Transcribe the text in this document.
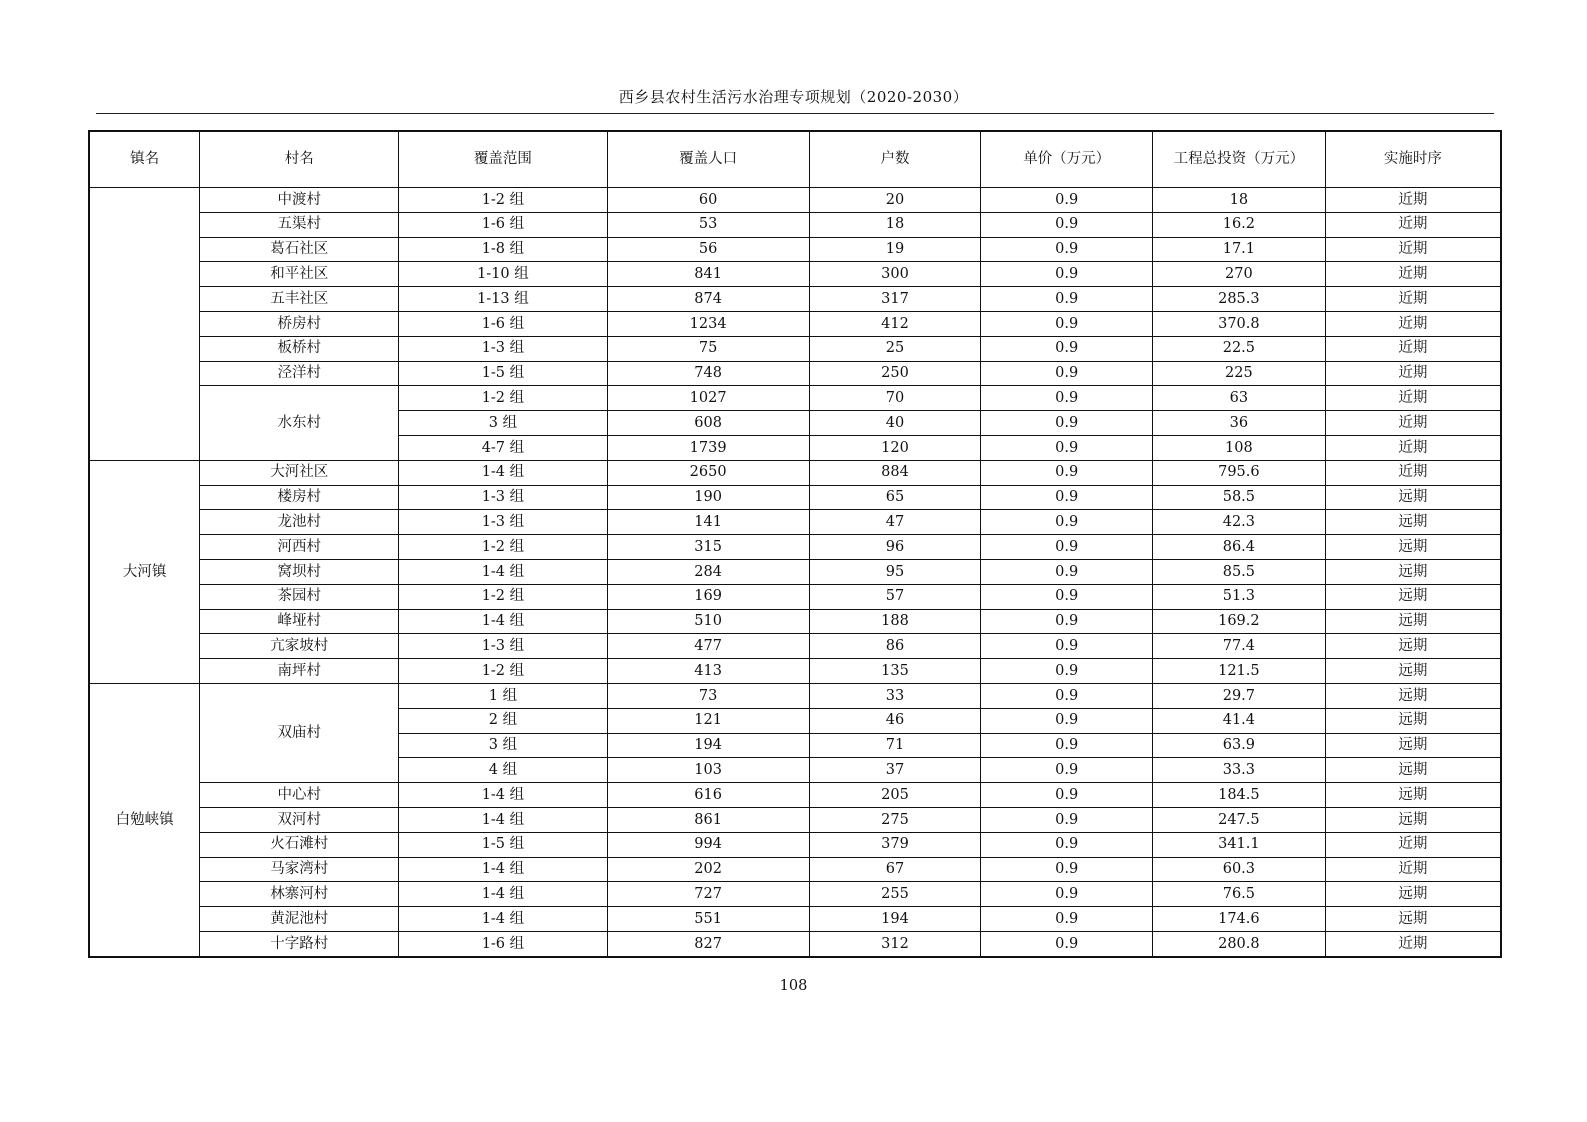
西乡县农村生活污水治理专项规划（2020-2030）
镇名	村名	覆盖范围	覆盖人口	户数	单价（万元）	工程总投资（万元）	实施时序
	中渡村	1-2 组	60	20	0.9	18	近期
	五渠村	1-6 组	53	18	0.9	16.2	近期
	葛石社区	1-8 组	56	19	0.9	17.1	近期
	和平社区	1-10 组	841	300	0.9	270	近期
	五丰社区	1-13 组	874	317	0.9	285.3	近期
	桥房村	1-6 组	1234	412	0.9	370.8	近期
	板桥村	1-3 组	75	25	0.9	22.5	近期
	泾洋村	1-5 组	748	250	0.9	225	近期
	水东村	1-2 组	1027	70	0.9	63	近期
		3 组	608	40	0.9	36	近期
		4-7 组	1739	120	0.9	108	近期
大河镇	大河社区	1-4 组	2650	884	0.9	795.6	近期
	楼房村	1-3 组	190	65	0.9	58.5	远期
	龙池村	1-3 组	141	47	0.9	42.3	远期
	河西村	1-2 组	315	96	0.9	86.4	远期
	窝坝村	1-4 组	284	95	0.9	85.5	远期
	茶园村	1-2 组	169	57	0.9	51.3	远期
	峰垭村	1-4 组	510	188	0.9	169.2	远期
	亢家坡村	1-3 组	477	86	0.9	77.4	远期
	南坪村	1-2 组	413	135	0.9	121.5	远期
白勉峡镇	双庙村	1 组	73	33	0.9	29.7	远期
		2 组	121	46	0.9	41.4	远期
		3 组	194	71	0.9	63.9	远期
		4 组	103	37	0.9	33.3	远期
	中心村	1-4 组	616	205	0.9	184.5	远期
	双河村	1-4 组	861	275	0.9	247.5	远期
	火石滩村	1-5 组	994	379	0.9	341.1	近期
	马家湾村	1-4 组	202	67	0.9	60.3	近期
	林寨河村	1-4 组	727	255	0.9	76.5	远期
	黄泥池村	1-4 组	551	194	0.9	174.6	远期
	十字路村	1-6 组	827	312	0.9	280.8	近期
108
